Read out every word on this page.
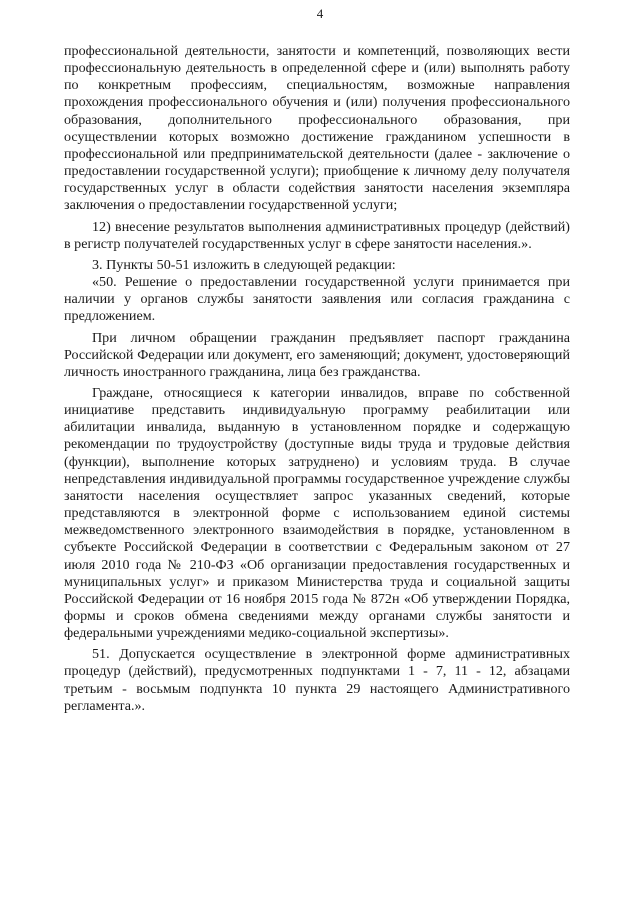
4

профессиональной деятельности, занятости и компетенций, позволяющих вести профессиональную деятельность в определенной сфере и (или) выполнять работу по конкретным профессиям, специальностям, возможные направления прохождения профессионального обучения и (или) получения профессионального образования, дополнительного профессионального образования, при осуществлении которых возможно достижение гражданином успешности в профессиональной или предпринимательской деятельности (далее - заключение о предоставлении государственной услуги); приобщение к личному делу получателя государственных услуг в области содействия занятости населения экземпляра заключения о предоставлении государственной услуги;

12) внесение результатов выполнения административных процедур (действий) в регистр получателей государственных услуг в сфере занятости населения.».

3. Пункты 50-51 изложить в следующей редакции:

«50. Решение о предоставлении государственной услуги принимается при наличии у органов службы занятости заявления или согласия гражданина с предложением.

При личном обращении гражданин предъявляет паспорт гражданина Российской Федерации или документ, его заменяющий; документ, удостоверяющий личность иностранного гражданина, лица без гражданства.

Граждане, относящиеся к категории инвалидов, вправе по собственной инициативе представить индивидуальную программу реабилитации или абилитации инвалида, выданную в установленном порядке и содержащую рекомендации по трудоустройству (доступные виды труда и трудовые действия (функции), выполнение которых затруднено) и условиям труда. В случае непредставления индивидуальной программы государственное учреждение службы занятости населения осуществляет запрос указанных сведений, которые представляются в электронной форме с использованием единой системы межведомственного электронного взаимодействия в порядке, установленном в субъекте Российской Федерации в соответствии с Федеральным законом от 27 июля 2010 года № 210-ФЗ «Об организации предоставления государственных и муниципальных услуг» и приказом Министерства труда и социальной защиты Российской Федерации от 16 ноября 2015 года № 872н «Об утверждении Порядка, формы и сроков обмена сведениями между органами службы занятости и федеральными учреждениями медико-социальной экспертизы».

51. Допускается осуществление в электронной форме административных процедур (действий), предусмотренных подпунктами 1 - 7, 11 - 12, абзацами третьим - восьмым подпункта 10 пункта 29 настоящего Административного регламента.».
